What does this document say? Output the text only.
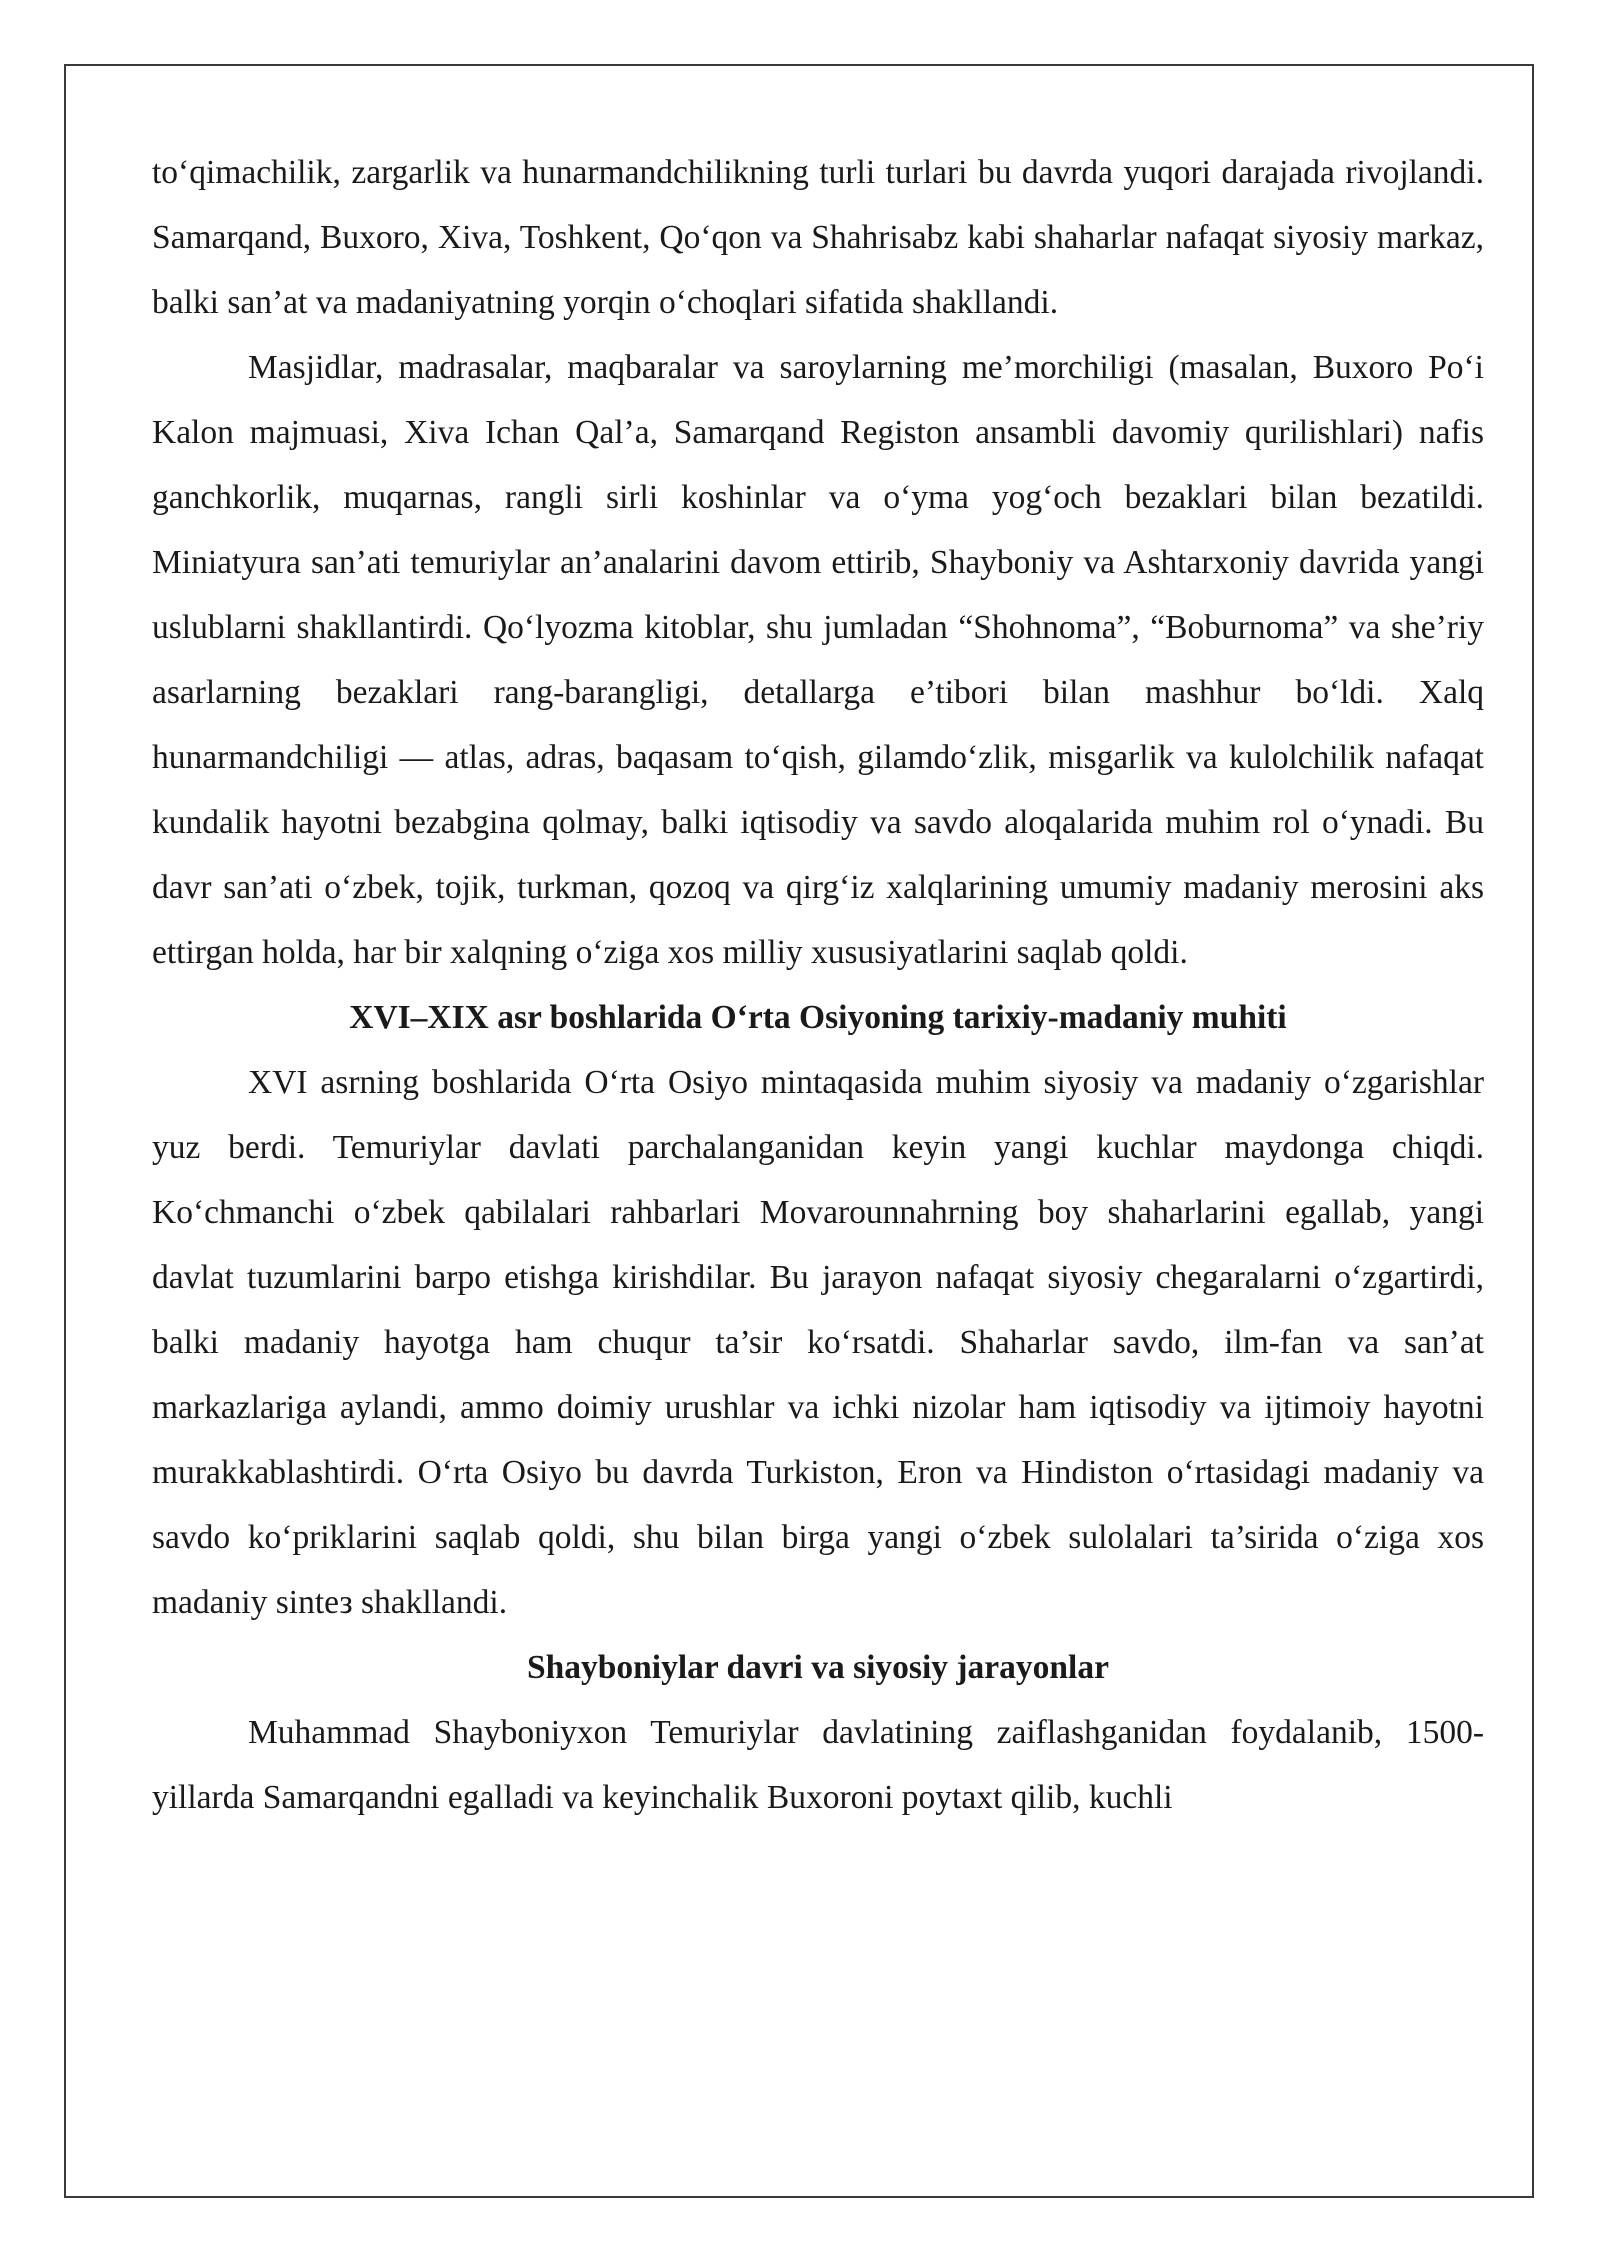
to‘qimachilik, zargarlik va hunarmandchilikning turli turlari bu davrda yuqori darajada rivojlandi. Samarqand, Buxoro, Xiva, Toshkent, Qo‘qon va Shahrisabz kabi shaharlar nafaqat siyosiy markaz, balki san’at va madaniyatning yorqin o‘choqlari sifatida shakllandi.

Masjidlar, madrasalar, maqbaralar va saroylarning me’morchiligi (masalan, Buxoro Po‘i Kalon majmuasi, Xiva Ichan Qal’a, Samarqand Registon ansambli davomiy qurilishlari) nafis ganchkorlik, muqarnas, rangli sirli koshinlar va o‘yma yog‘och bezaklari bilan bezatildi. Miniatyura san’ati temuriylar an’analarini davom ettirib, Shayboniy va Ashtarxoniy davrida yangi uslublarni shakllantirdi. Qo‘lyozma kitoblar, shu jumladan “Shohnoma”, “Boburnoma” va she’riy asarlarning bezaklari rang-barangligi, detallarga e’tibori bilan mashhur bo‘ldi. Xalq hunarmandchiligi — atlas, adras, baqasam to‘qish, gilamdo‘zlik, misgarlik va kulolchilik nafaqat kundalik hayotni bezabgina qolmay, balki iqtisodiy va savdo aloqalarida muhim rol o‘ynadi. Bu davr san’ati o‘zbek, tojik, turkman, qozoq va qirg‘iz xalqlarining umumiy madaniy merosini aks ettirgan holda, har bir xalqning o‘ziga xos milliy xususiyatlarini saqlab qoldi.

XVI–XIX asr boshlarida O‘rta Osiyoning tarixiy-madaniy muhiti

XVI asrning boshlarida O‘rta Osiyo mintaqasida muhim siyosiy va madaniy o‘zgarishlar yuz berdi. Temuriylar davlati parchalanganidan keyin yangi kuchlar maydonga chiqdi. Ko‘chmanchi o‘zbek qabilalari rahbarlari Movarounnahrning boy shaharlarini egallab, yangi davlat tuzumlarini barpo etishga kirishdilar. Bu jarayon nafaqat siyosiy chegaralarni o‘zgartirdi, balki madaniy hayotga ham chuqur ta’sir ko‘rsatdi. Shaharlar savdo, ilm-fan va san’at markazlariga aylandi, ammo doimiy urushlar va ichki nizolar ham iqtisodiy va ijtimoiy hayotni murakkablashtirdi. O‘rta Osiyo bu davrda Turkiston, Eron va Hindiston o‘rtasidagi madaniy va savdo ko‘priklarini saqlab qoldi, shu bilan birga yangi o‘zbek sulolalari ta’sirida o‘ziga xos madaniy sintез shakllandi.

Shayboniylar davri va siyosiy jarayonlar

Muhammad Shayboniyxon Temuriylar davlatining zaiflashganidan foydalanib, 1500-yillarda Samarqandni egalladi va keyinchalik Buxoroni poytaxt qilib, kuchli
